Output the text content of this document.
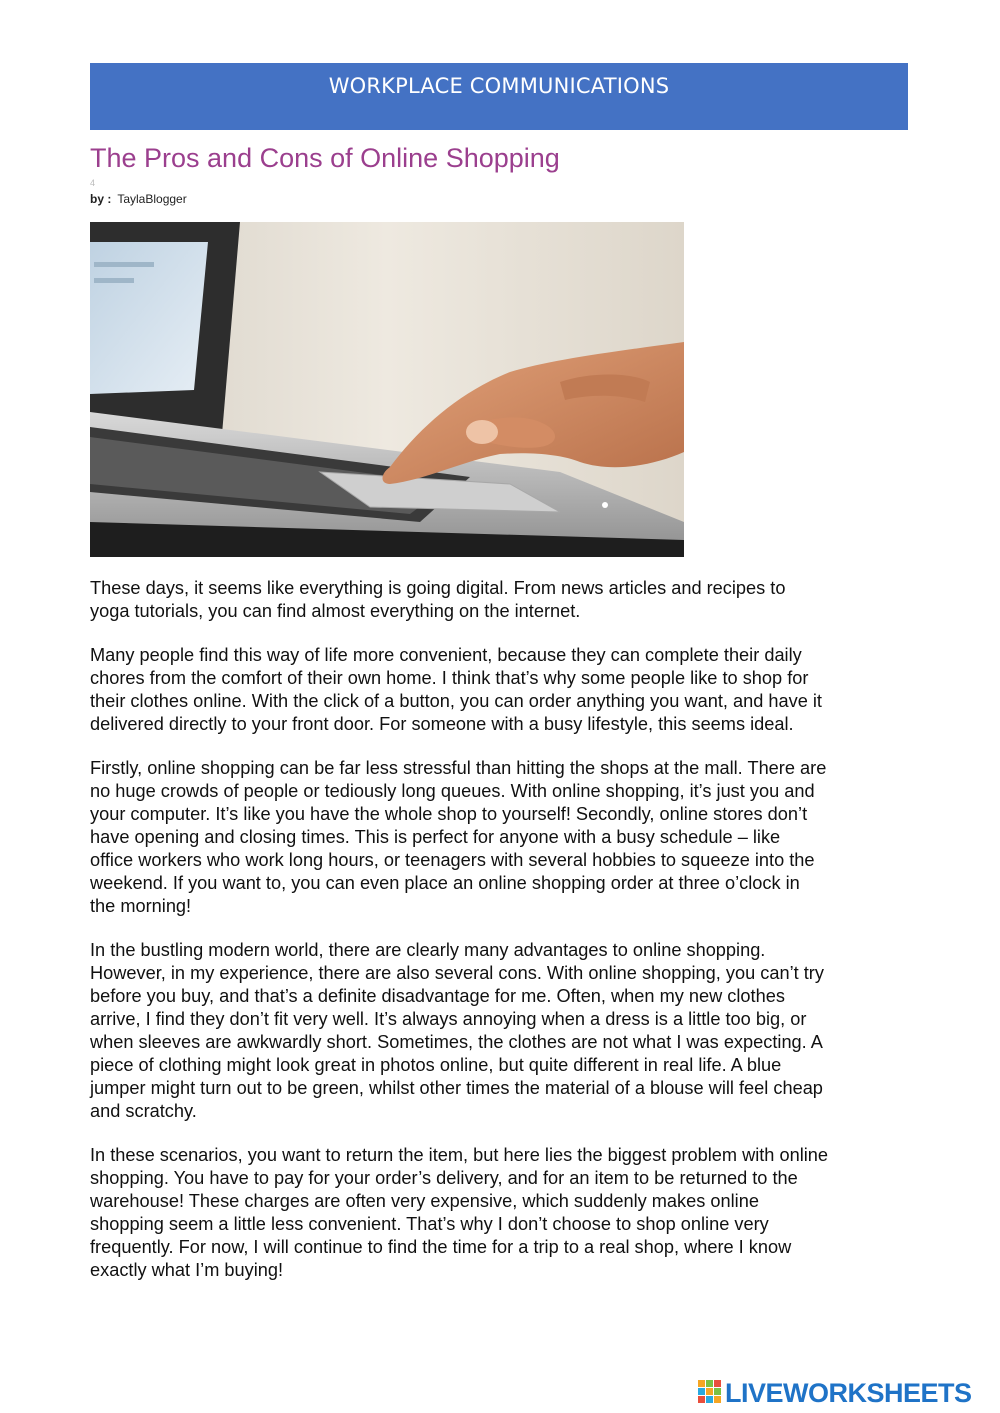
WORKPLACE COMMUNICATIONS
The Pros and Cons of Online Shopping
4
by : TaylaBlogger

These days, it seems like everything is going digital. From news articles and recipes to
yoga tutorials, you can find almost everything on the internet.

Many people find this way of life more convenient, because they can complete their daily
chores from the comfort of their own home. I think that’s why some people like to shop for
their clothes online. With the click of a button, you can order anything you want, and have it
delivered directly to your front door. For someone with a busy lifestyle, this seems ideal.

Firstly, online shopping can be far less stressful than hitting the shops at the mall. There are
no huge crowds of people or tediously long queues. With online shopping, it’s just you and
your computer. It’s like you have the whole shop to yourself! Secondly, online stores don’t
have opening and closing times. This is perfect for anyone with a busy schedule – like
office workers who work long hours, or teenagers with several hobbies to squeeze into the
weekend. If you want to, you can even place an online shopping order at three o’clock in
the morning!

In the bustling modern world, there are clearly many advantages to online shopping.
However, in my experience, there are also several cons. With online shopping, you can’t try
before you buy, and that’s a definite disadvantage for me. Often, when my new clothes
arrive, I find they don’t fit very well. It’s always annoying when a dress is a little too big, or
when sleeves are awkwardly short. Sometimes, the clothes are not what I was expecting. A
piece of clothing might look great in photos online, but quite different in real life. A blue
jumper might turn out to be green, whilst other times the material of a blouse will feel cheap
and scratchy.

In these scenarios, you want to return the item, but here lies the biggest problem with online
shopping. You have to pay for your order’s delivery, and for an item to be returned to the
warehouse! These charges are often very expensive, which suddenly makes online
shopping seem a little less convenient. That’s why I don’t choose to shop online very
frequently. For now, I will continue to find the time for a trip to a real shop, where I know
exactly what I’m buying!

LIVEWORKSHEETS
